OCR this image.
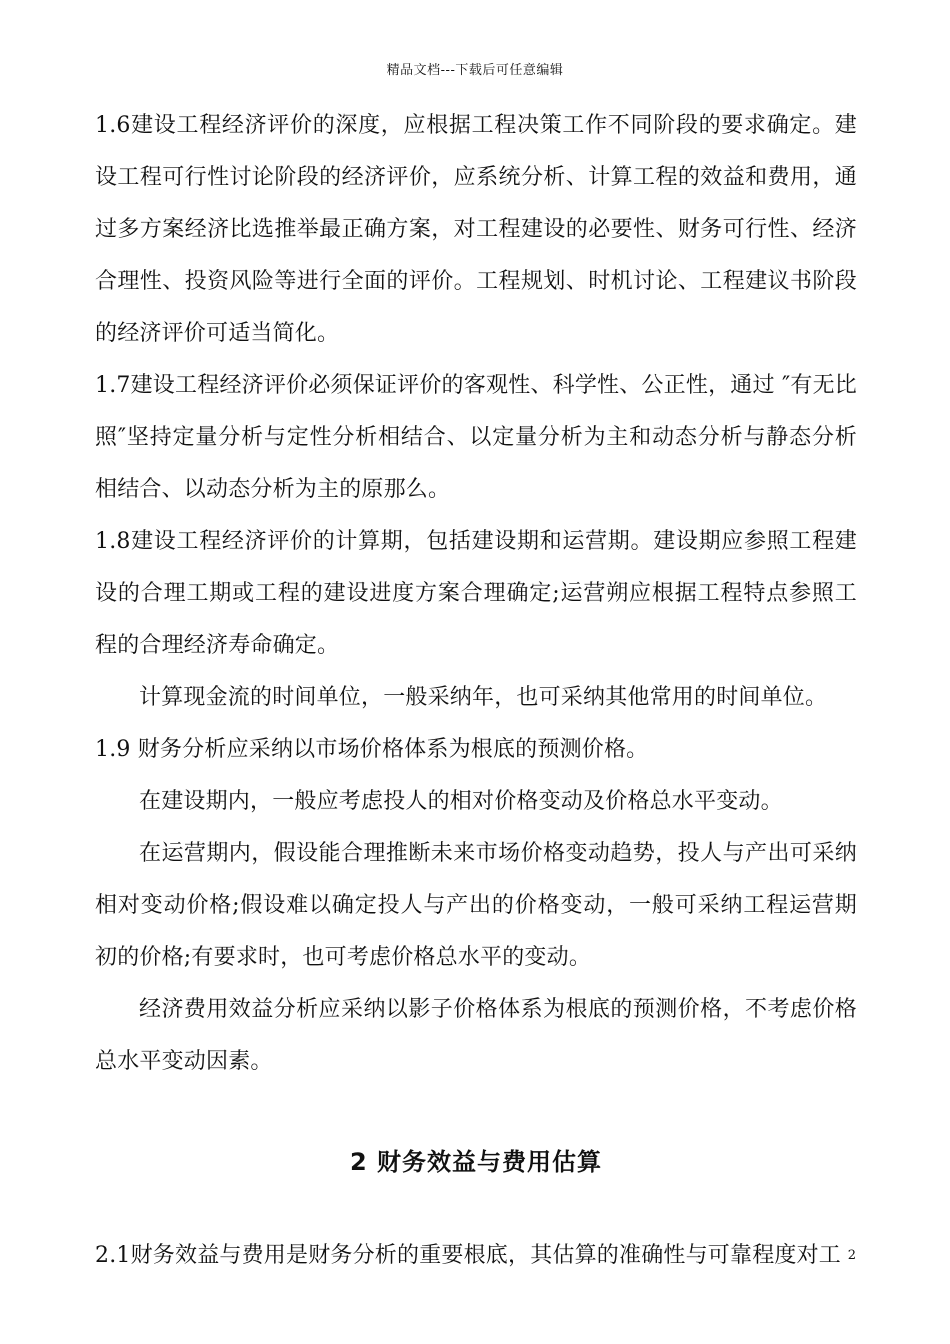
精品文档---下载后可任意编辑

1.6建设工程经济评价的深度，应根据工程决策工作不同阶段的要求确定。建设工程可行性讨论阶段的经济评价，应系统分析、计算工程的效益和费用，通过多方案经济比选推举最正确方案，对工程建设的必要性、财务可行性、经济合理性、投资风险等进行全面的评价。工程规划、时机讨论、工程建议书阶段的经济评价可适当简化。

1.7建设工程经济评价必须保证评价的客观性、科学性、公正性，通过 ″有无比照″坚持定量分析与定性分析相结合、以定量分析为主和动态分析与静态分析相结合、以动态分析为主的原那么。

1.8建设工程经济评价的计算期，包括建设期和运营期。建设期应参照工程建设的合理工期或工程的建设进度方案合理确定;运营朔应根据工程特点参照工程的合理经济寿命确定。

计算现金流的时间单位，一般采纳年，也可采纳其他常用的时间单位。

1.9 财务分析应采纳以市场价格体系为根底的预测价格。

在建设期内，一般应考虑投人的相对价格变动及价格总水平变动。

在运营期内，假设能合理推断未来市场价格变动趋势，投人与产出可采纳相对变动价格;假设难以确定投人与产出的价格变动，一般可采纳工程运营期初的价格;有要求时，也可考虑价格总水平的变动。

经济费用效益分析应采纳以影子价格体系为根底的预测价格，不考虑价格总水平变动因素。

2 财务效益与费用估算

2.1财务效益与费用是财务分析的重要根底，其估算的准确性与可靠程度对工 2
